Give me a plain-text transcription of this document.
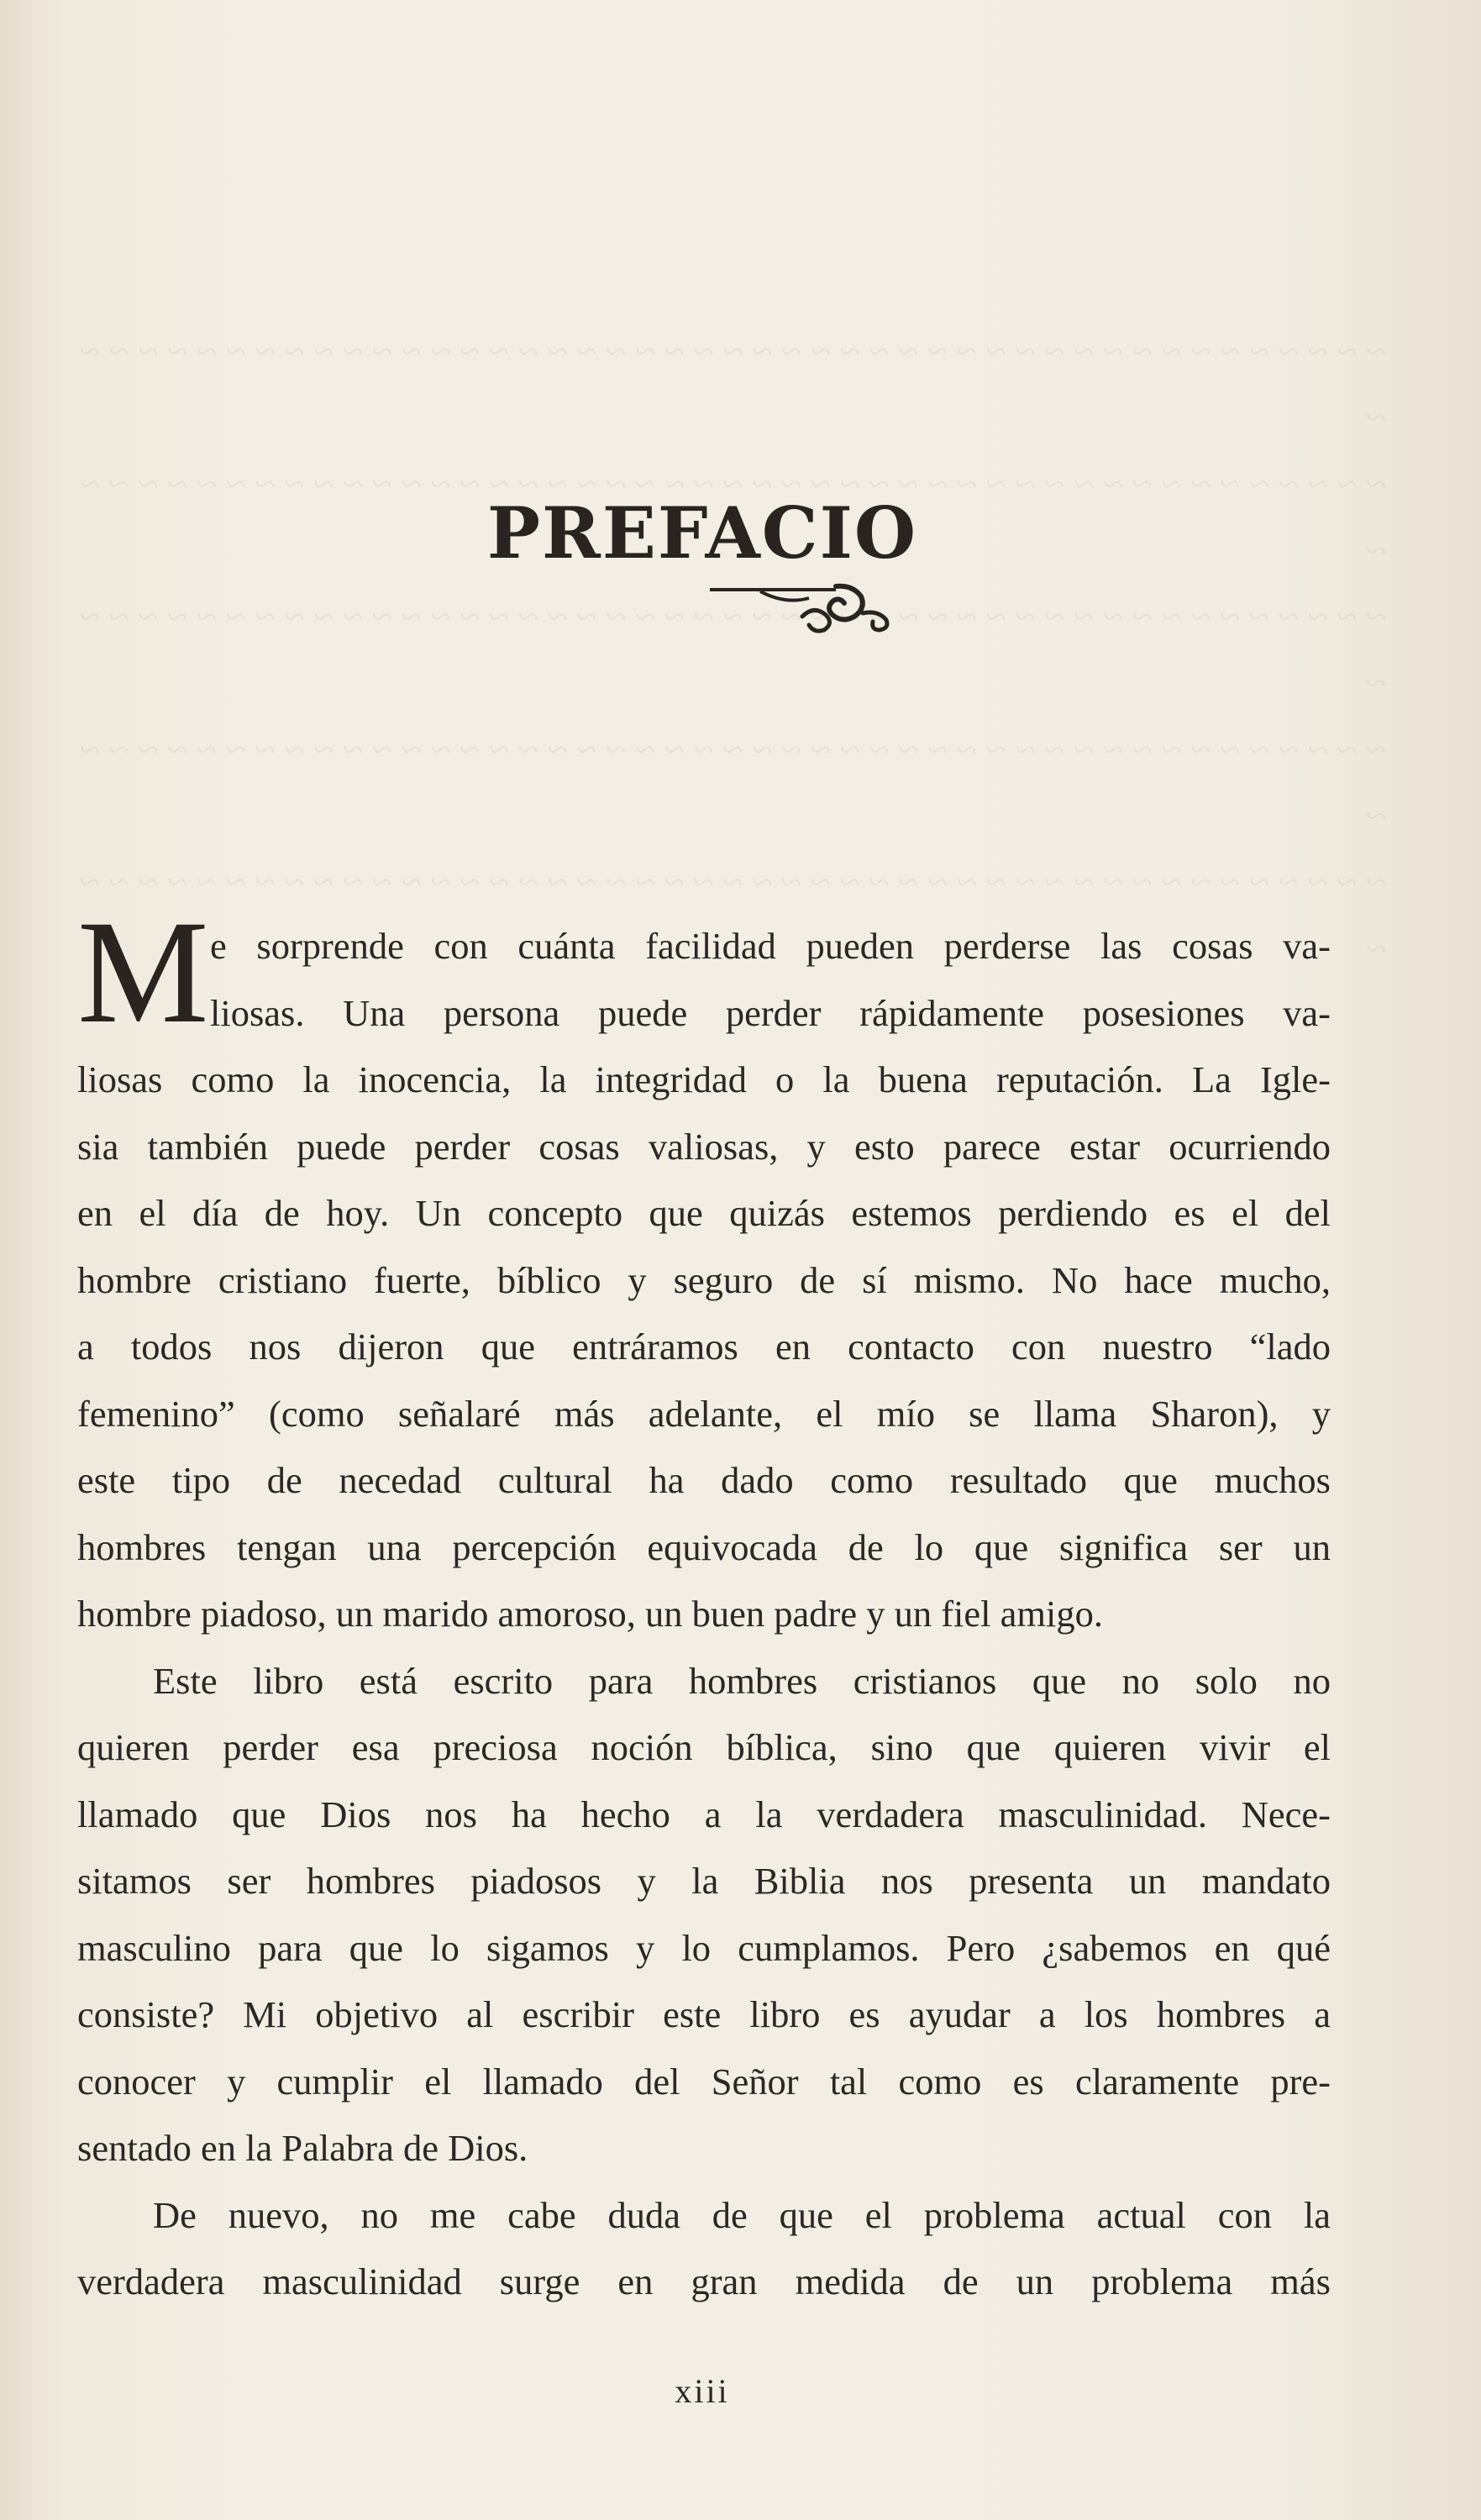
~ ~ ~ ~ ~ ~ ~ ~ ~ ~ ~ ~ ~ ~ ~ ~ ~ ~ ~ ~ ~ ~ ~ ~ ~ ~ ~ ~ ~ ~ ~ ~ ~ ~ ~ ~ ~ ~ ~ ~ ~ ~ ~ ~ ~ ~
~ ~ ~ ~ ~ ~ ~ ~ ~ ~ ~ ~ ~ ~ ~ ~ ~ ~ ~ ~ ~ ~ ~ ~ ~ ~ ~ ~ ~ ~ ~ ~ ~ ~ ~ ~ ~ ~ ~ ~ ~ ~ ~ ~ ~ ~
~ ~ ~ ~ ~ ~ ~ ~ ~ ~ ~ ~ ~ ~ ~ ~ ~ ~ ~ ~ ~ ~ ~ ~ ~ ~ ~ ~ ~ ~ ~ ~ ~ ~ ~ ~ ~ ~ ~ ~ ~ ~ ~ ~ ~ ~
~ ~ ~ ~ ~ ~ ~ ~ ~ ~ ~ ~ ~ ~ ~ ~ ~ ~ ~ ~ ~ ~ ~ ~ ~ ~ ~ ~ ~ ~ ~ ~ ~ ~ ~ ~ ~ ~ ~ ~ ~ ~ ~ ~ ~ ~
~ ~ ~ ~ ~ ~ ~ ~ ~ ~ ~ ~ ~ ~ ~ ~ ~ ~ ~ ~ ~ ~ ~ ~ ~ ~ ~ ~ ~ ~ ~ ~ ~ ~ ~ ~ ~ ~ ~ ~ ~ ~ ~ ~ ~ ~

PREFACIO
M e sorprende con cuánta facilidad pueden perderse las cosas va-
liosas. Una persona puede perder rápidamente posesiones va-
liosas como la inocencia, la integridad o la buena reputación. La Igle-
sia también puede perder cosas valiosas, y esto parece estar ocurriendo
en el día de hoy. Un concepto que quizás estemos perdiendo es el del
hombre cristiano fuerte, bíblico y seguro de sí mismo. No hace mucho,
a todos nos dijeron que entráramos en contacto con nuestro “lado
femenino” (como señalaré más adelante, el mío se llama Sharon), y
este tipo de necedad cultural ha dado como resultado que muchos
hombres tengan una percepción equivocada de lo que significa ser un
hombre piadoso, un marido amoroso, un buen padre y un fiel amigo.
Este libro está escrito para hombres cristianos que no solo no
quieren perder esa preciosa noción bíblica, sino que quieren vivir el
llamado que Dios nos ha hecho a la verdadera masculinidad. Nece-
sitamos ser hombres piadosos y la Biblia nos presenta un mandato
masculino para que lo sigamos y lo cumplamos. Pero ¿sabemos en qué
consiste? Mi objetivo al escribir este libro es ayudar a los hombres a
conocer y cumplir el llamado del Señor tal como es claramente pre-
sentado en la Palabra de Dios.
De nuevo, no me cabe duda de que el problema actual con la
verdadera masculinidad surge en gran medida de un problema más
xiii
